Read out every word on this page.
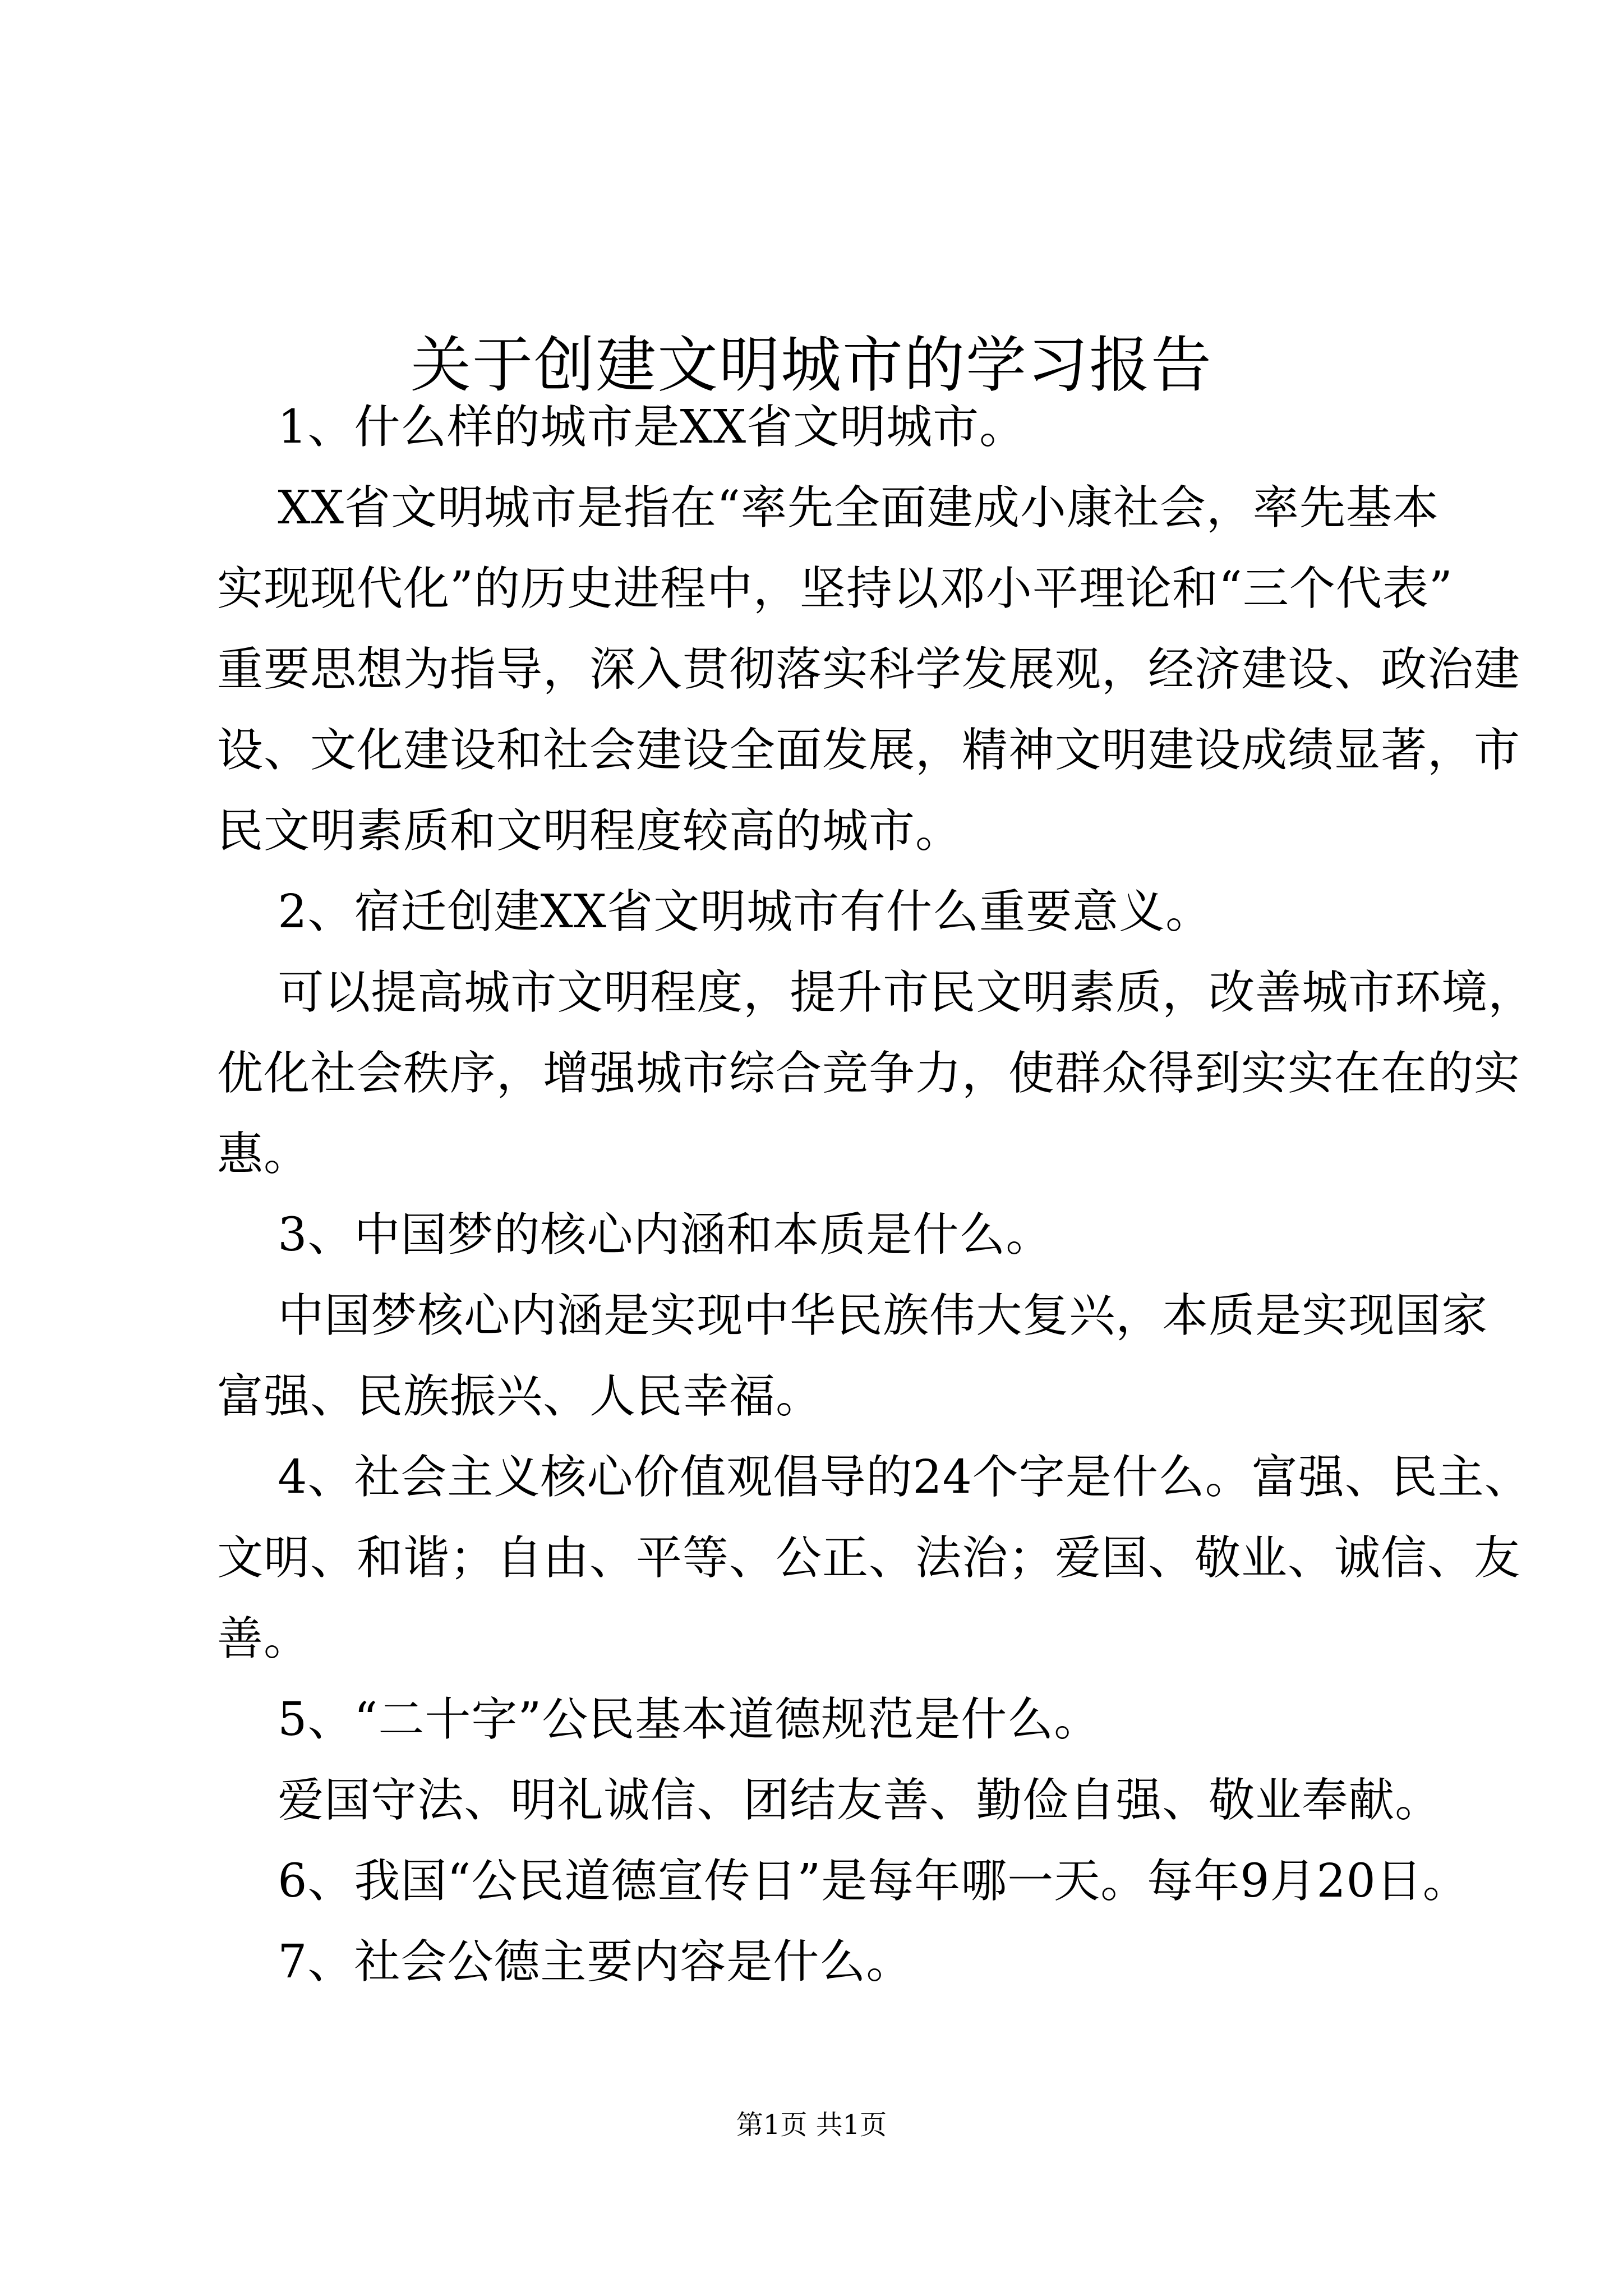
关于创建文明城市的学习报告
1、什么样的城市是XX省文明城市。
XX省文明城市是指在“率先全面建成小康社会，率先基本
实现现代化”的历史进程中，坚持以邓小平理论和“三个代表”
重要思想为指导，深入贯彻落实科学发展观，经济建设、政治建
设、文化建设和社会建设全面发展，精神文明建设成绩显著，市
民文明素质和文明程度较高的城市。
2、宿迁创建XX省文明城市有什么重要意义。
可以提高城市文明程度，提升市民文明素质，改善城市环境，
优化社会秩序，增强城市综合竞争力，使群众得到实实在在的实
惠。
3、中国梦的核心内涵和本质是什么。
中国梦核心内涵是实现中华民族伟大复兴，本质是实现国家
富强、民族振兴、人民幸福。
4、社会主义核心价值观倡导的24个字是什么。富强、民主、
文明、和谐；自由、平等、公正、法治；爱国、敬业、诚信、友
善。
5、“二十字”公民基本道德规范是什么。
爱国守法、明礼诚信、团结友善、勤俭自强、敬业奉献。
6、我国“公民道德宣传日”是每年哪一天。每年9月20日。
7、社会公德主要内容是什么。
第1页 共1页
